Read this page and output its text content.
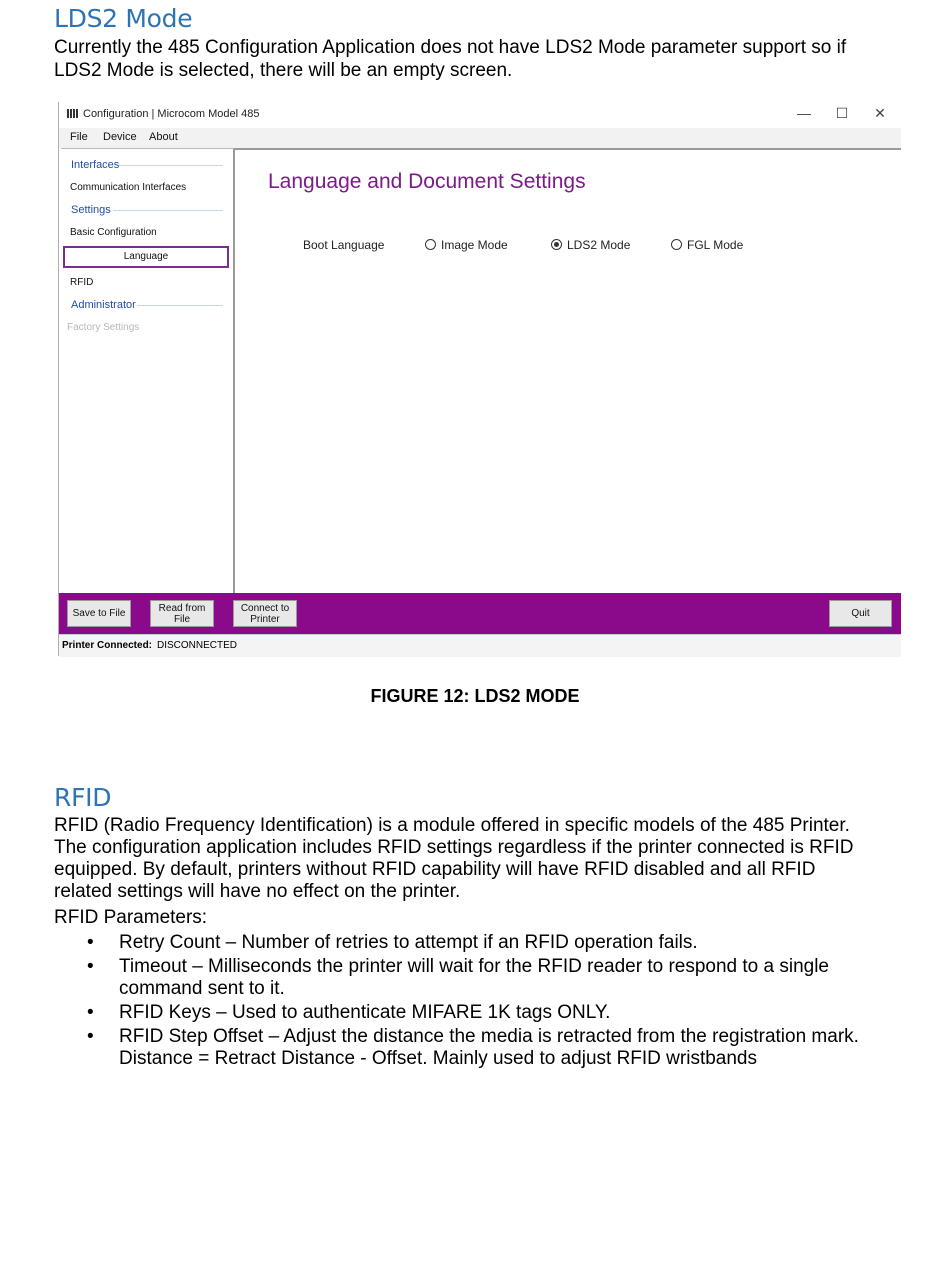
LDS2 Mode

Currently the 485 Configuration Application does not have LDS2 Mode parameter support so if

LDS2 Mode is selected, there will be an empty screen.

Configuration | Microcom Model 485	— ☐ ✕
File Device About
Interfaces
Communication Interfaces
Settings
Basic Configuration
Language
RFID
Administrator
Factory Settings
Language and Document Settings
Boot Language	Image Mode	LDS2 Mode	FGL Mode
Save to File	Read from File
Connect to Printer	Quit
Printer Connected: DISCONNECTED
FIGURE 12: LDS2 MODE
RFID

RFID (Radio Frequency Identification) is a module offered in specific models of the 485 Printer.

The configuration application includes RFID settings regardless if the printer connected is RFID

equipped. By default, printers without RFID capability will have RFID disabled and all RFID

related settings will have no effect on the printer.

RFID Parameters:

• Retry Count – Number of retries to attempt if an RFID operation fails.
• Timeout – Milliseconds the printer will wait for the RFID reader to respond to a single
command sent to it.
• RFID Keys – Used to authenticate MIFARE 1K tags ONLY.
• RFID Step Offset – Adjust the distance the media is retracted from the registration mark.
Distance = Retract Distance - Offset. Mainly used to adjust RFID wristbands
